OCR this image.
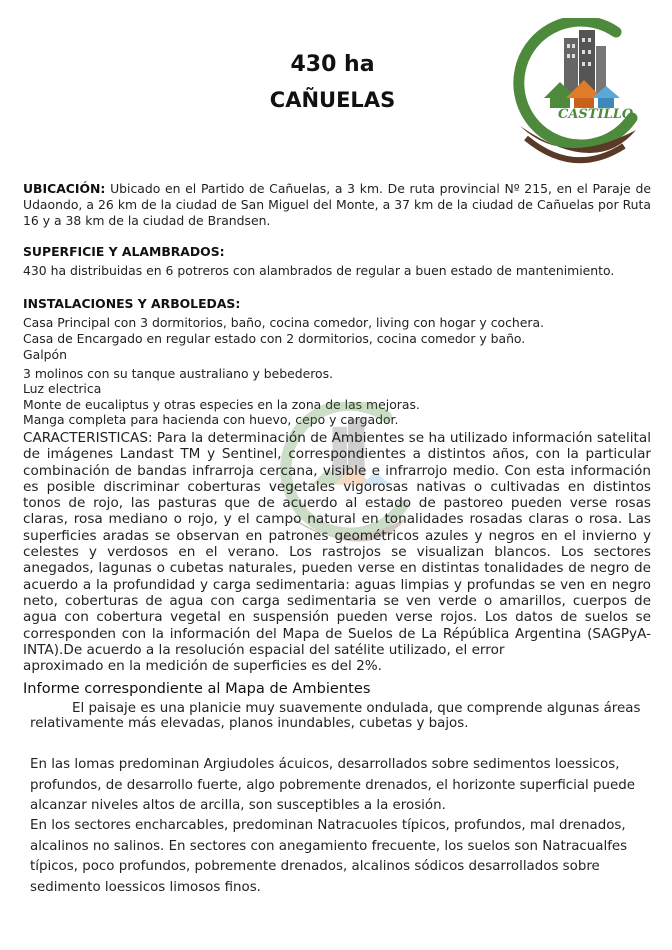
430 ha
CAÑUELAS
CASTILLO
UBICACIÓN: Ubicado en el Partido de Cañuelas, a 3 km. De ruta provincial Nº 215, en el Paraje de Udaondo, a 26 km de la ciudad de San Miguel del Monte, a 37 km de la ciudad de Cañuelas por Ruta 16 y a 38 km de la ciudad de Brandsen.
SUPERFICIE Y ALAMBRADOS:
430 ha distribuidas en 6 potreros con alambrados de regular a buen estado de mantenimiento.
INSTALACIONES Y ARBOLEDAS:
Casa Principal con 3 dormitorios, baño, cocina comedor, living con hogar y cochera.
Casa de Encargado en regular estado con 2 dormitorios, cocina comedor y baño.
Galpón
3 molinos con su tanque australiano y bebederos.
Luz electrica
Monte de eucaliptus y otras especies en la zona de las mejoras.
Manga completa para hacienda con huevo, cepo y cargador.
CARACTERISTICAS: Para la determinación de Ambientes se ha utilizado información satelital de imágenes Landast TM y Sentinel, correspondientes a distintos años, con la particular combinación de bandas infrarroja cercana, visible e infrarrojo medio. Con esta información es posible discriminar coberturas vegetales vigorosas nativas o cultivadas en distintos tonos de rojo, las pasturas que de acuerdo al estado de pastoreo pueden verse rosas claras, rosa mediano o rojo, y el campo natural en tonalidades rosadas claras o rosa. Las superficies aradas se observan en patrones geométricos azules y negros en el invierno y celestes y verdosos en el verano. Los rastrojos se visualizan blancos. Los sectores anegados, lagunas o cubetas naturales, pueden verse en distintas tonalidades de negro de acuerdo a la profundidad y carga sedimentaria: aguas limpias y profundas se ven en negro neto, coberturas de agua con carga sedimentaria se ven verde o amarillos, cuerpos de agua con cobertura vegetal en suspensión pueden verse rojos. Los datos de suelos se corresponden con la información del Mapa de Suelos de La Répública Argentina (SAGPyA-INTA).De acuerdo a la resolución espacial del satélite utilizado, el error
aproximado en la medición de superficies es del 2%.
Informe correspondiente al Mapa de Ambientes
El paisaje es una planicie muy suavemente ondulada, que comprende algunas áreas relativamente más elevadas, planos inundables, cubetas y bajos.
En las lomas predominan Argiudoles ácuicos, desarrollados sobre sedimentos loessicos, profundos, de desarrollo fuerte, algo pobremente drenados, el horizonte superficial puede alcanzar niveles altos de arcilla, son susceptibles a la erosión.
En los sectores encharcables, predominan Natracuoles típicos, profundos, mal drenados, alcalinos no salinos. En sectores con anegamiento frecuente, los suelos son Natracualfes típicos, poco profundos, pobremente drenados, alcalinos sódicos desarrollados sobre sedimento loessicos limosos finos.
